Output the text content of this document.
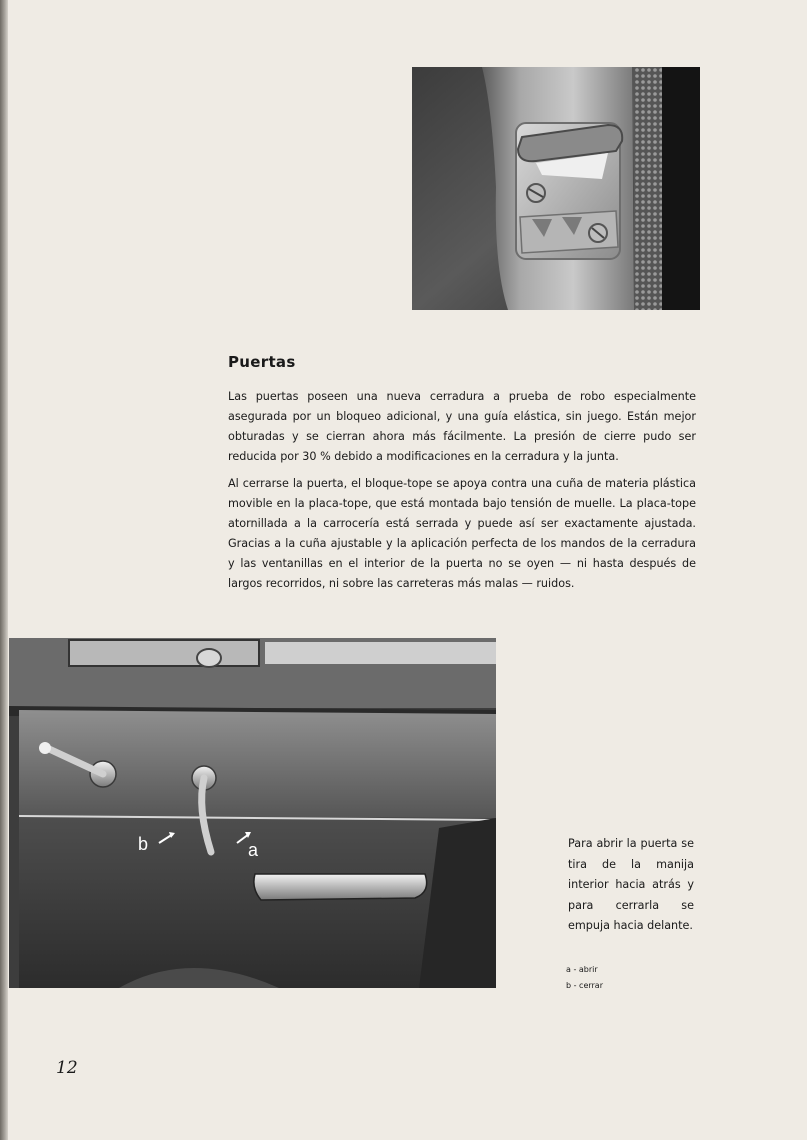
Puertas

Las puertas poseen una nueva cerradura a prueba de robo especialmente asegurada por un bloqueo adicional, y una guía elástica, sin juego. Están mejor obturadas y se cierran ahora más fácilmente. La presión de cierre pudo ser reducida por 30 % debido a modificaciones en la cerradura y la junta.

Al cerrarse la puerta, el bloque-tope se apoya contra una cuña de materia plástica movible en la placa-tope, que está montada bajo tensión de muelle. La placa-tope atornillada a la carrocería está serrada y puede así ser exactamente ajustada. Gracias a la cuña ajustable y la aplicación perfecta de los mandos de la cerradura y las ventanillas en el interior de la puerta no se oyen — ni hasta después de largos recorridos, ni sobre las carreteras más malas — ruidos.

b	a	Para abrir la puerta se tira de la manija interior hacia atrás y para cerrarla se empuja hacia delante.

a - abrir
b - cerrar
12
